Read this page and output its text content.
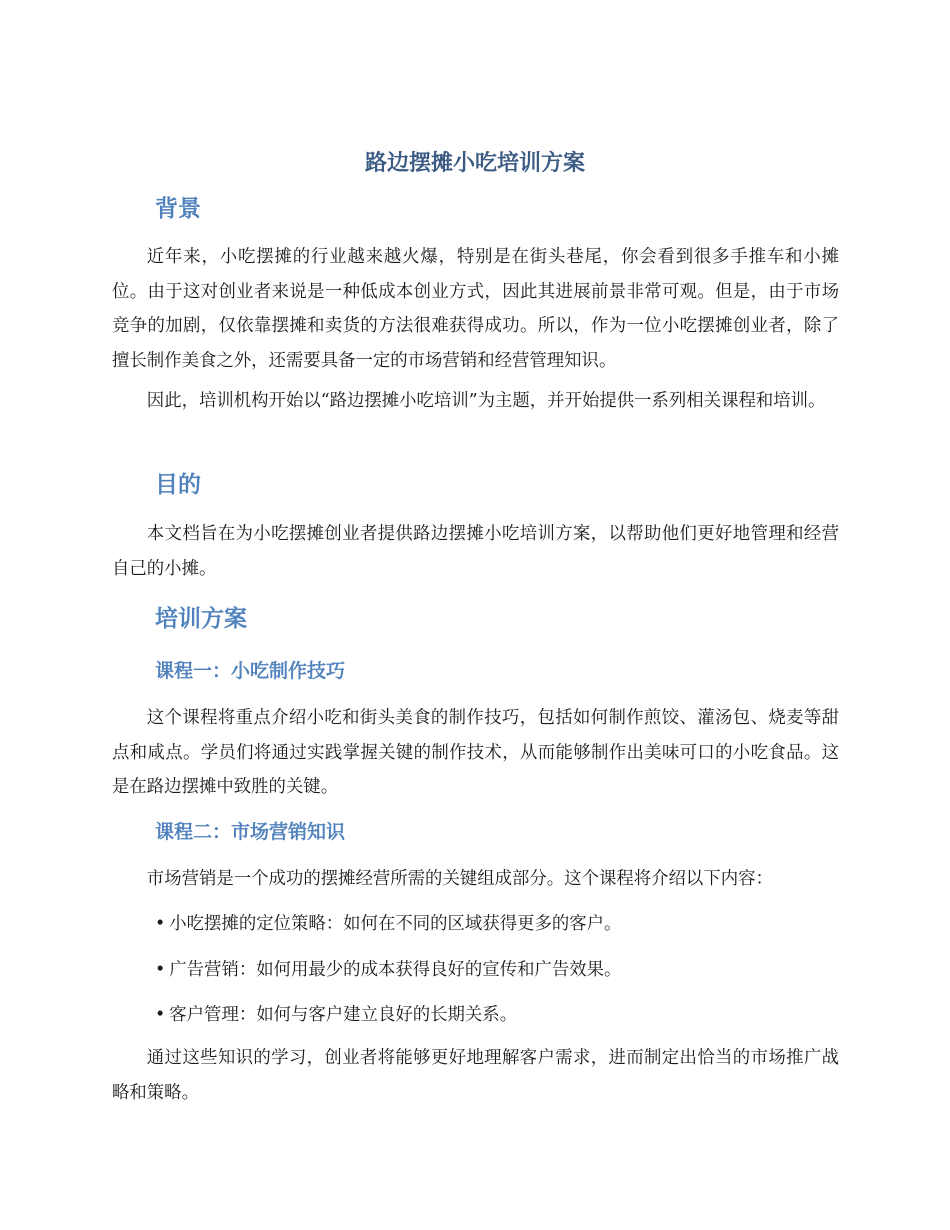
路边摆摊小吃培训方案
背景

近年来，小吃摆摊的行业越来越火爆，特别是在街头巷尾，你会看到很多手推车和小摊位。由于这对创业者来说是一种低成本创业方式，因此其进展前景非常可观。但是，由于市场竞争的加剧，仅依靠摆摊和卖货的方法很难获得成功。所以，作为一位小吃摆摊创业者，除了擅长制作美食之外，还需要具备一定的市场营销和经营管理知识。

因此，培训机构开始以“路边摆摊小吃培训”为主题，并开始提供一系列相关课程和培训。

目的

本文档旨在为小吃摆摊创业者提供路边摆摊小吃培训方案，以帮助他们更好地管理和经营自己的小摊。

培训方案
课程一：小吃制作技巧

这个课程将重点介绍小吃和街头美食的制作技巧，包括如何制作煎饺、灌汤包、烧麦等甜点和咸点。学员们将通过实践掌握关键的制作技术，从而能够制作出美味可口的小吃食品。这是在路边摆摊中致胜的关键。

课程二：市场营销知识

市场营销是一个成功的摆摊经营所需的关键组成部分。这个课程将介绍以下内容：

• 小吃摆摊的定位策略：如何在不同的区域获得更多的客户。
• 广告营销：如何用最少的成本获得良好的宣传和广告效果。
• 客户管理：如何与客户建立良好的长期关系。

通过这些知识的学习，创业者将能够更好地理解客户需求，进而制定出恰当的市场推广战略和策略。
